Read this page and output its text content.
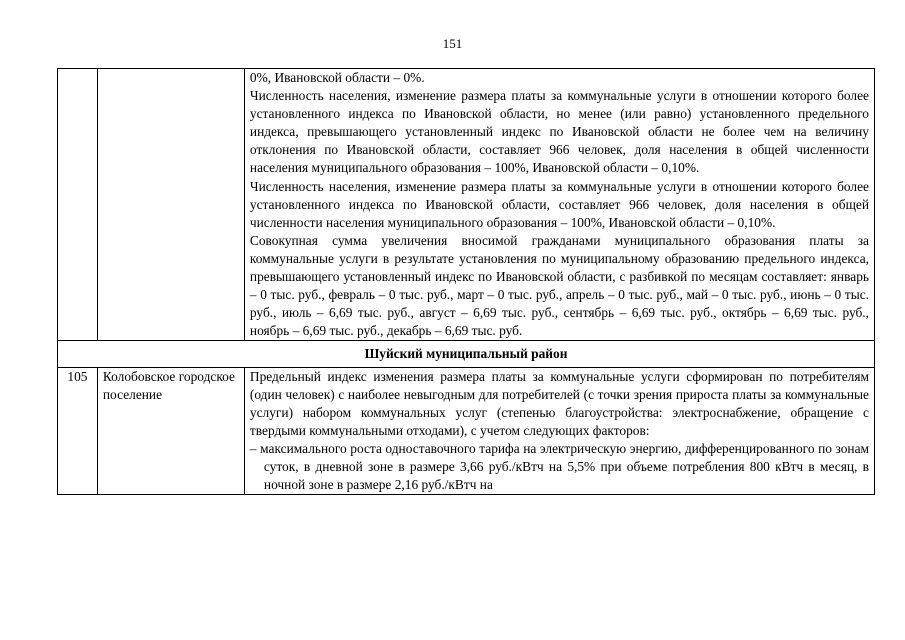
151

		0%, Ивановской области – 0%.

Численность населения, изменение размера платы за коммунальные услуги в отношении которого более установленного индекса по Ивановской области, но менее (или равно) установленного предельного индекса, превышающего установленный индекс по Ивановской области не более чем на величину отклонения по Ивановской области, составляет 966 человек, доля населения в общей численности населения муниципального образования – 100%, Ивановской области – 0,10%.

Численность населения, изменение размера платы за коммунальные услуги в отношении которого более установленного индекса по Ивановской области, составляет 966 человек, доля населения в общей численности населения муниципального образования – 100%, Ивановской области – 0,10%.

Совокупная сумма увеличения вносимой гражданами муниципального образования платы за коммунальные услуги в результате установления по муниципальному образованию предельного индекса, превышающего установленный индекс по Ивановской области, с разбивкой по месяцам составляет: январь – 0 тыс. руб., февраль – 0 тыс. руб., март – 0 тыс. руб., апрель – 0 тыс. руб., май – 0 тыс. руб., июнь – 0 тыс. руб., июль – 6,69 тыс. руб., август – 6,69 тыс. руб., сентябрь – 6,69 тыс. руб., октябрь – 6,69 тыс. руб., ноябрь – 6,69 тыс. руб., декабрь – 6,69 тыс. руб.

Шуйский муниципальный район		
105	Колобовское городское поселение	Предельный индекс изменения размера платы за коммунальные услуги сформирован по потребителям (один человек) с наиболее невыгодным для потребителей (с точки зрения прироста платы за коммунальные услуги) набором коммунальных услуг (степенью благоустройства: электроснабжение, обращение с твердыми коммунальными отходами), с учетом следующих факторов:

– максимального роста одноставочного тарифа на электрическую энергию, дифференцированного по зонам суток, в дневной зоне в размере 3,66 руб./кВтч на 5,5% при объеме потребления 800 кВтч в месяц, в ночной зоне в размере 2,16 руб./кВтч на
